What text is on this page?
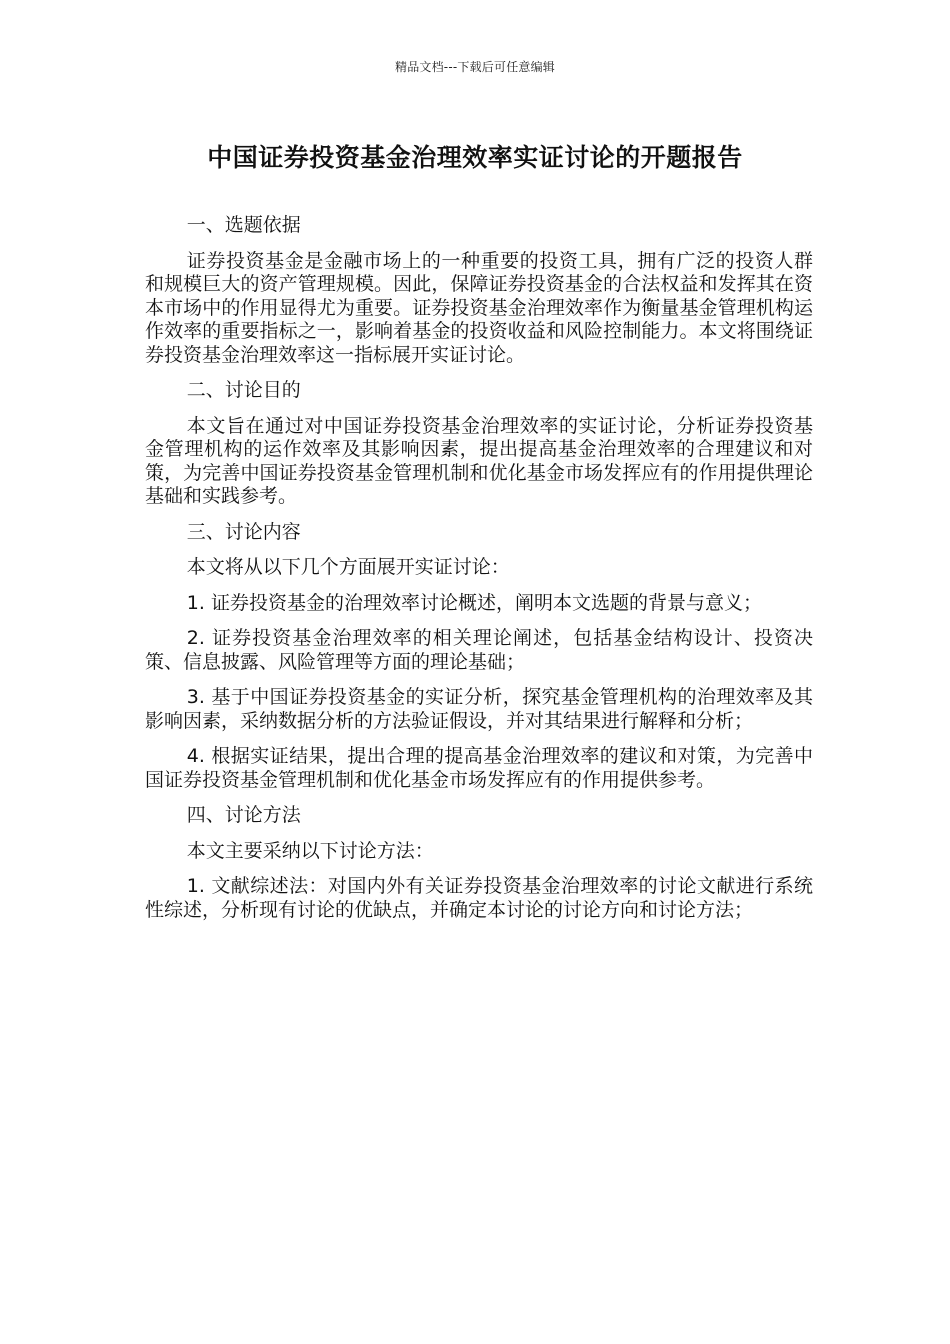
精品文档---下载后可任意编辑
中国证券投资基金治理效率实证讨论的开题报告

一、选题依据

证券投资基金是金融市场上的一种重要的投资工具，拥有广泛的投资人群和规模巨大的资产管理规模。因此，保障证券投资基金的合法权益和发挥其在资本市场中的作用显得尤为重要。证券投资基金治理效率作为衡量基金管理机构运作效率的重要指标之一，影响着基金的投资收益和风险控制能力。本文将围绕证券投资基金治理效率这一指标展开实证讨论。

二、讨论目的

本文旨在通过对中国证券投资基金治理效率的实证讨论，分析证券投资基金管理机构的运作效率及其影响因素，提出提高基金治理效率的合理建议和对策，为完善中国证券投资基金管理机制和优化基金市场发挥应有的作用提供理论基础和实践参考。

三、讨论内容

本文将从以下几个方面展开实证讨论：

1. 证券投资基金的治理效率讨论概述，阐明本文选题的背景与意义；

2. 证券投资基金治理效率的相关理论阐述，包括基金结构设计、投资决策、信息披露、风险管理等方面的理论基础；

3. 基于中国证券投资基金的实证分析，探究基金管理机构的治理效率及其影响因素，采纳数据分析的方法验证假设，并对其结果进行解释和分析；

4. 根据实证结果，提出合理的提高基金治理效率的建议和对策，为完善中国证券投资基金管理机制和优化基金市场发挥应有的作用提供参考。

四、讨论方法

本文主要采纳以下讨论方法：

1. 文献综述法：对国内外有关证券投资基金治理效率的讨论文献进行系统性综述，分析现有讨论的优缺点，并确定本讨论的讨论方向和讨论方法；
